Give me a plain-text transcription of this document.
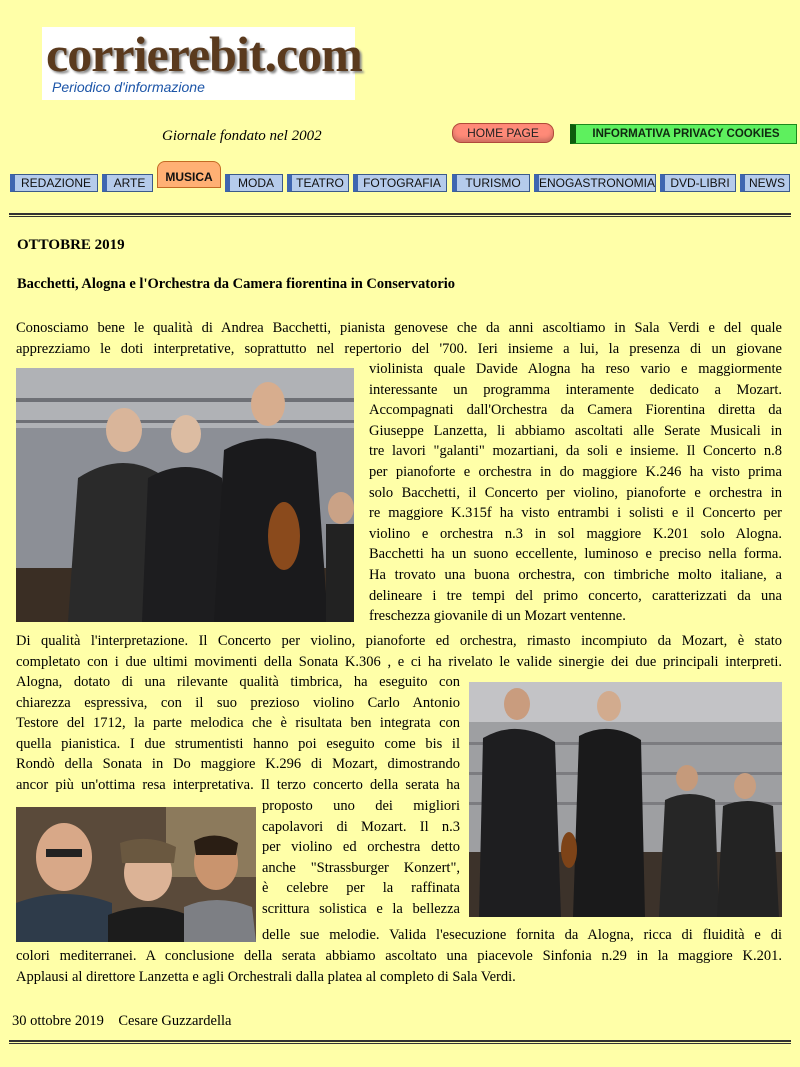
corrierebit.com
Periodico d'informazione
Giornale fondato nel 2002	HOME PAGE	INFORMATIVA PRIVACY COOKIES
REDAZIONE	ARTE	MUSICA	MODA	TEATRO	FOTOGRAFIA	TURISMO	ENOGASTRONOMIA	DVD-LIBRI	NEWS
OTTOBRE 2019
Bacchetti, Alogna e l'Orchestra da Camera fiorentina in Conservatorio
Conosciamo bene le qualità di Andrea Bacchetti, pianista genovese che da anni ascoltiamo in Sala Verdi e del quale
apprezziamo le doti interpretative, soprattutto nel repertorio del '700. Ieri insieme a lui, la presenza di un giovane
violinista quale Davide Alogna ha reso vario e maggiormente
interessante un programma interamente dedicato a Mozart.
Accompagnati dall'Orchestra da Camera Fiorentina diretta da
Giuseppe Lanzetta, li abbiamo ascoltati alle Serate Musicali in
tre lavori "galanti" mozartiani, da soli e insieme. Il Concerto n.8
per pianoforte e orchestra in do maggiore K.246 ha visto prima
solo Bacchetti, il Concerto per violino, pianoforte e orchestra in
re maggiore K.315f ha visto entrambi i solisti e il Concerto per
violino e orchestra n.3 in sol maggiore K.201 solo Alogna.
Bacchetti ha un suono eccellente, luminoso e preciso nella forma.
Ha trovato una buona orchestra, con timbriche molto italiane, a
delineare i tre tempi del primo concerto, caratterizzati da una
freschezza giovanile di un Mozart ventenne.
Di qualità l'interpretazione. Il Concerto per violino, pianoforte ed orchestra, rimasto incompiuto da Mozart, è stato
completato con i due ultimi movimenti della Sonata K.306 , e ci ha rivelato le valide sinergie dei due principali interpreti.
Alogna, dotato di una rilevante qualità timbrica, ha eseguito con
chiarezza espressiva, con il suo prezioso violino Carlo Antonio
Testore del 1712, la parte melodica che è risultata ben integrata con
quella pianistica. I due strumentisti hanno poi eseguito come bis il
Rondò della Sonata in Do maggiore K.296 di Mozart, dimostrando
ancor più un'ottima resa interpretativa. Il terzo concerto della serata ha
proposto uno dei migliori
capolavori di Mozart. Il n.3
per violino ed orchestra detto
anche "Strassburger Konzert",
è celebre per la raffinata
scrittura solistica e la bellezza
delle sue melodie. Valida l'esecuzione fornita da Alogna, ricca di fluidità e di
colori mediterranei. A conclusione della serata abbiamo ascoltato una piacevole Sinfonia n.29 in la maggiore K.201.
Applausi al direttore Lanzetta e agli Orchestrali dalla platea al completo di Sala Verdi.
30 ottobre 2019 Cesare Guzzardella
